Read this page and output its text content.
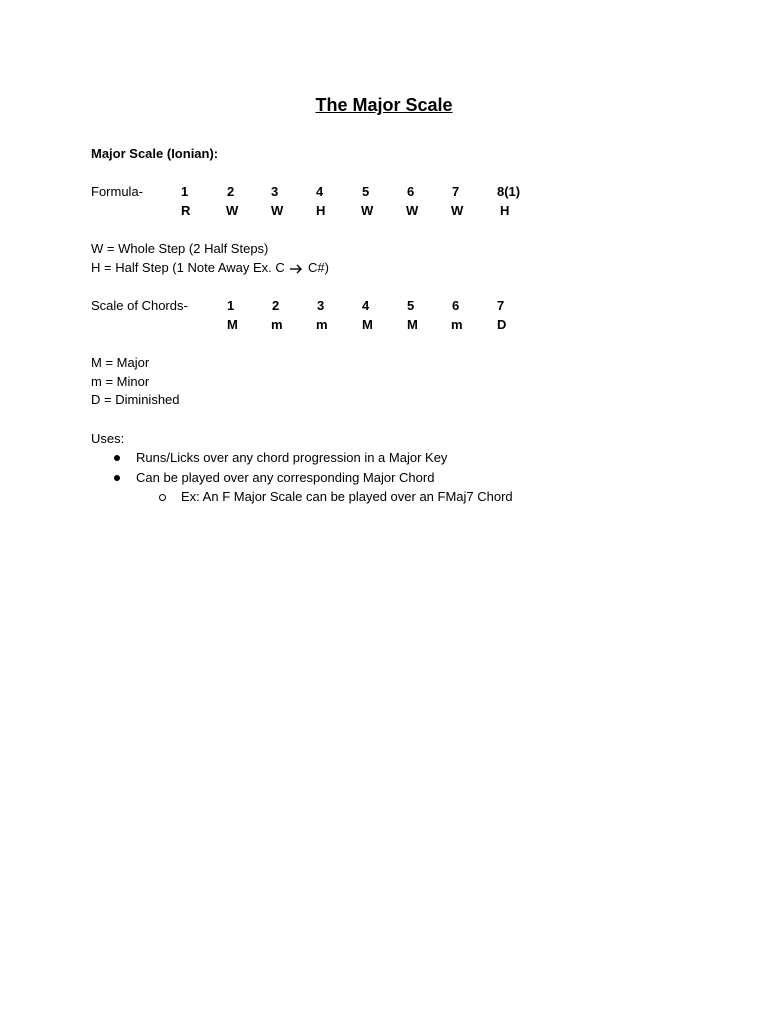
The Major Scale
Major Scale (Ionian):
Formula-	1	2	3	4	5	6	7	8(1)
R	W	W	H	W	W	W	H
W = Whole Step (2 Half Steps)
H = Half Step (1 Note Away Ex. C C#)
Scale of Chords-	1	2	3	4	5	6	7
M	m	m	M	M	m	D
M = Major
m = Minor
D = Diminished
Uses:
Runs/Licks over any chord progression in a Major Key
Can be played over any corresponding Major Chord
Ex: An F Major Scale can be played over an FMaj7 Chord
